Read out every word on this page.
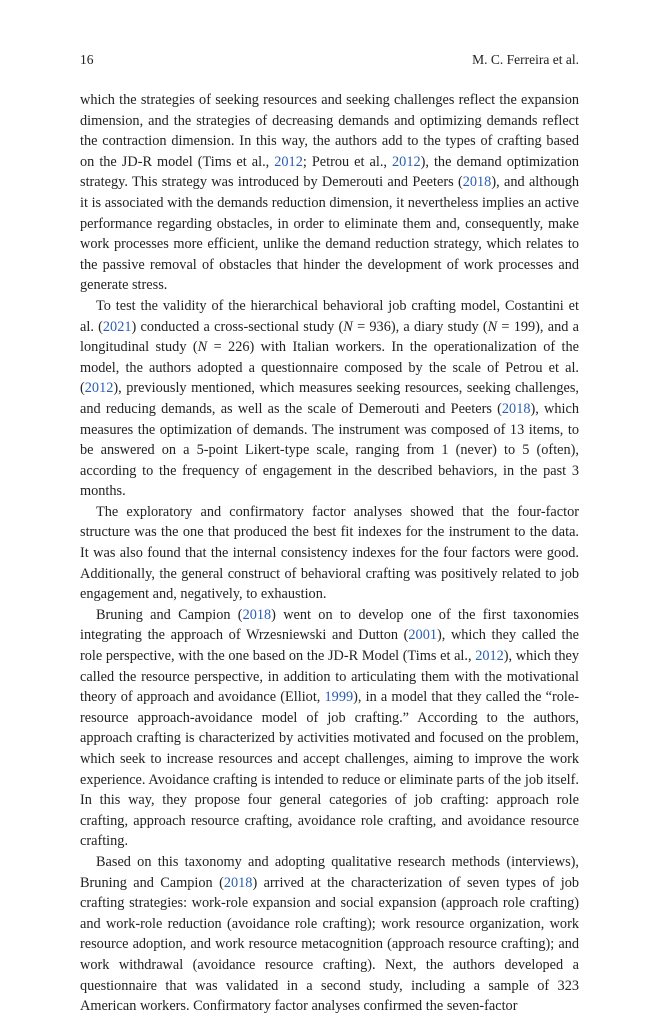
16	M. C. Ferreira et al.

which the strategies of seeking resources and seeking challenges reflect the expansion dimension, and the strategies of decreasing demands and optimizing demands reflect the contraction dimension. In this way, the authors add to the types of crafting based on the JD-R model (Tims et al., 2012; Petrou et al., 2012), the demand optimization strategy. This strategy was introduced by Demerouti and Peeters (2018), and although it is associated with the demands reduction dimension, it nevertheless implies an active performance regarding obstacles, in order to eliminate them and, consequently, make work processes more efficient, unlike the demand reduction strategy, which relates to the passive removal of obstacles that hinder the development of work processes and generate stress.

To test the validity of the hierarchical behavioral job crafting model, Costantini et al. (2021) conducted a cross-sectional study (N = 936), a diary study (N = 199), and a longitudinal study (N = 226) with Italian workers. In the operationalization of the model, the authors adopted a questionnaire composed by the scale of Petrou et al. (2012), previously mentioned, which measures seeking resources, seeking challenges, and reducing demands, as well as the scale of Demerouti and Peeters (2018), which measures the optimization of demands. The instrument was composed of 13 items, to be answered on a 5-point Likert-type scale, ranging from 1 (never) to 5 (often), according to the frequency of engagement in the described behaviors, in the past 3 months.

The exploratory and confirmatory factor analyses showed that the four-factor structure was the one that produced the best fit indexes for the instrument to the data. It was also found that the internal consistency indexes for the four factors were good. Additionally, the general construct of behavioral crafting was positively related to job engagement and, negatively, to exhaustion.

Bruning and Campion (2018) went on to develop one of the first taxonomies integrating the approach of Wrzesniewski and Dutton (2001), which they called the role perspective, with the one based on the JD-R Model (Tims et al., 2012), which they called the resource perspective, in addition to articulating them with the motivational theory of approach and avoidance (Elliot, 1999), in a model that they called the “role-resource approach-avoidance model of job crafting.” According to the authors, approach crafting is characterized by activities motivated and focused on the problem, which seek to increase resources and accept challenges, aiming to improve the work experience. Avoidance crafting is intended to reduce or eliminate parts of the job itself. In this way, they propose four general categories of job crafting: approach role crafting, approach resource crafting, avoidance role crafting, and avoidance resource crafting.

Based on this taxonomy and adopting qualitative research methods (interviews), Bruning and Campion (2018) arrived at the characterization of seven types of job crafting strategies: work-role expansion and social expansion (approach role crafting) and work-role reduction (avoidance role crafting); work resource organization, work resource adoption, and work resource metacognition (approach resource crafting); and work withdrawal (avoidance resource crafting). Next, the authors developed a questionnaire that was validated in a second study, including a sample of 323 American workers. Confirmatory factor analyses confirmed the seven-factor
